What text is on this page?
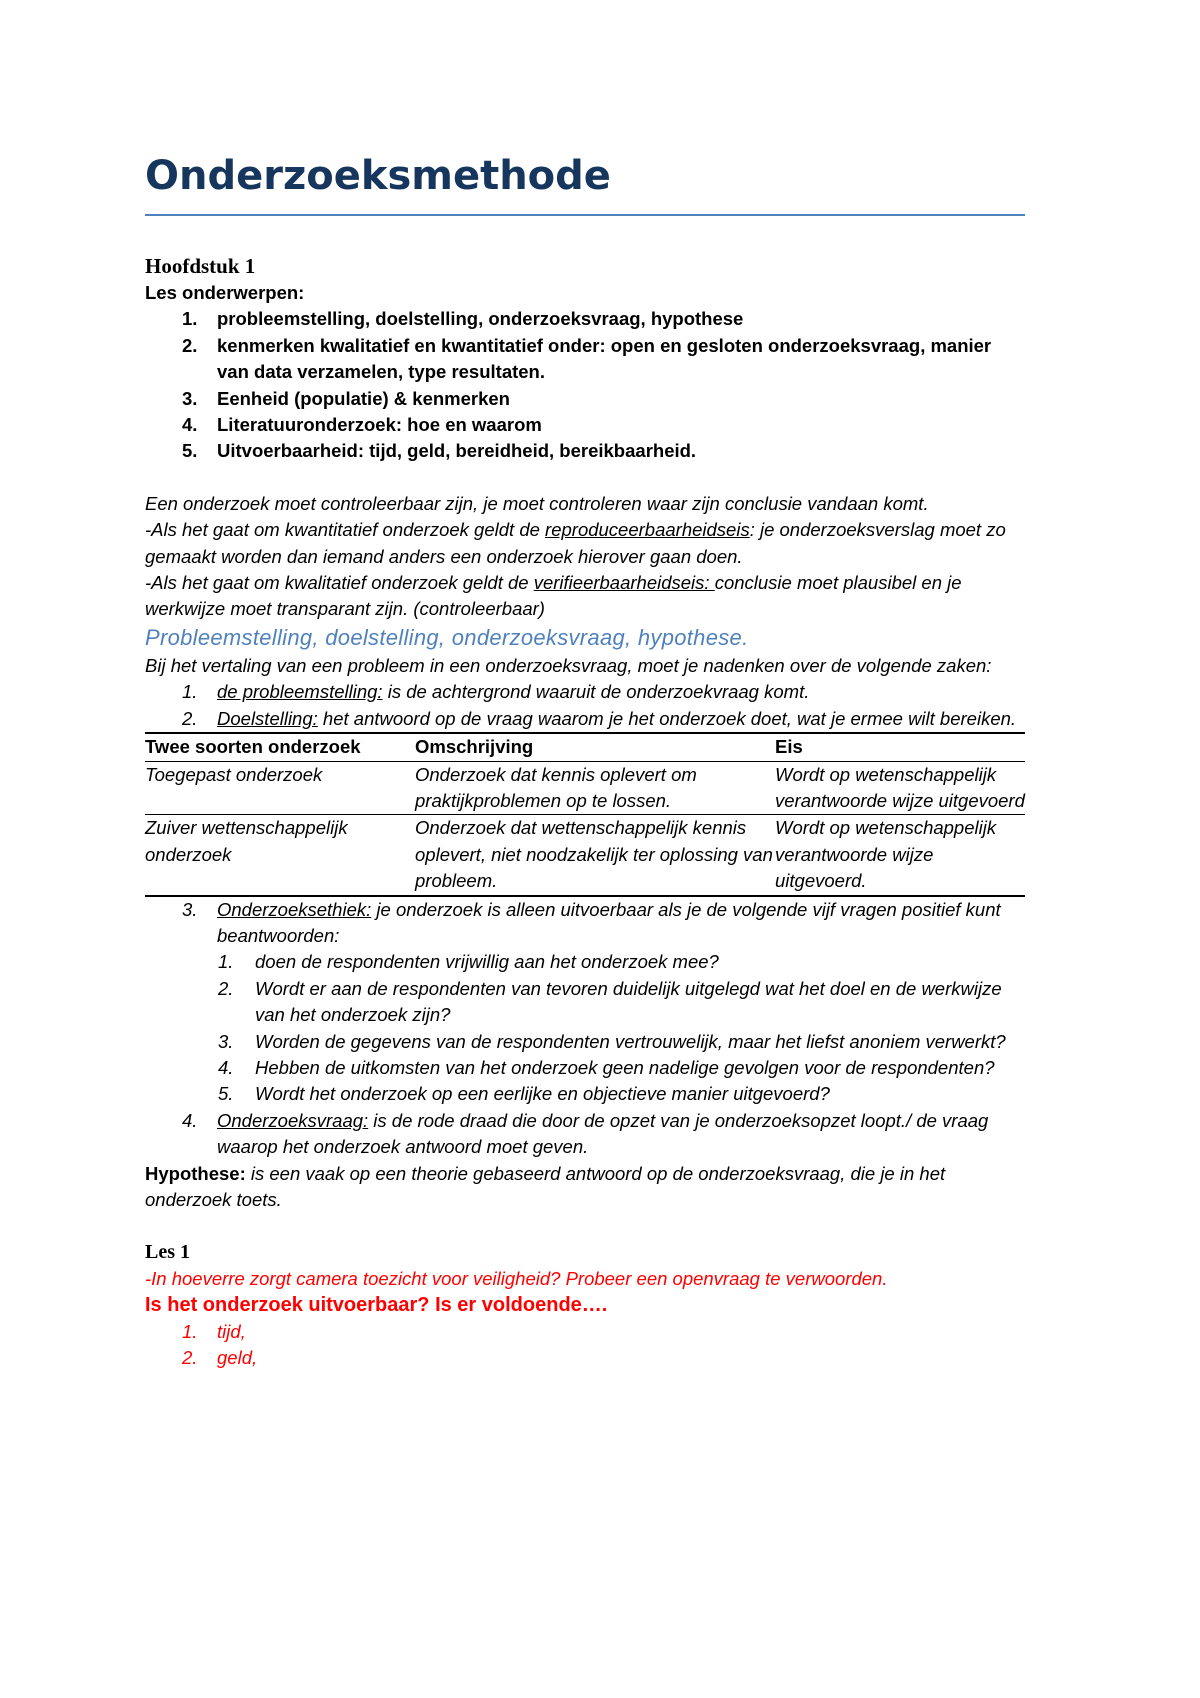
Onderzoeksmethode
Hoofdstuk 1
Les onderwerpen:
1. probleemstelling, doelstelling, onderzoeksvraag, hypothese
2. kenmerken kwalitatief en kwantitatief onder: open en gesloten onderzoeksvraag, manier van data verzamelen, type resultaten.
3. Eenheid (populatie) & kenmerken
4. Literatuuronderzoek: hoe en waarom
5. Uitvoerbaarheid: tijd, geld, bereidheid, bereikbaarheid.
Een onderzoek moet controleerbaar zijn, je moet controleren waar zijn conclusie vandaan komt.
-Als het gaat om kwantitatief onderzoek geldt de reproduceerbaarheidseis: je onderzoeksverslag moet zo gemaakt worden dan iemand anders een onderzoek hierover gaan doen.
-Als het gaat om kwalitatief onderzoek geldt de verifieerbaarheidseis: conclusie moet plausibel en je werkwijze moet transparant zijn. (controleerbaar)
Probleemstelling, doelstelling, onderzoeksvraag, hypothese.
Bij het vertaling van een probleem in een onderzoeksvraag, moet je nadenken over de volgende zaken:
1. de probleemstelling: is de achtergrond waaruit de onderzoekvraag komt.
2. Doelstelling: het antwoord op de vraag waarom je het onderzoek doet, wat je ermee wilt bereiken.
Twee soorten onderzoek	Omschrijving	Eis
Toegepast onderzoek	Onderzoek dat kennis oplevert om praktijkproblemen op te lossen.	Wordt op wetenschappelijk verantwoorde wijze uitgevoerd
Zuiver wettenschappelijk onderzoek	Onderzoek dat wettenschappelijk kennis oplevert, niet noodzakelijk ter oplossing van probleem.	Wordt op wetenschappelijk verantwoorde wijze uitgevoerd.
3. Onderzoeksethiek: je onderzoek is alleen uitvoerbaar als je de volgende vijf vragen positief kunt beantwoorden:
1. doen de respondenten vrijwillig aan het onderzoek mee?
2. Wordt er aan de respondenten van tevoren duidelijk uitgelegd wat het doel en de werkwijze van het onderzoek zijn?
3. Worden de gegevens van de respondenten vertrouwelijk, maar het liefst anoniem verwerkt?
4. Hebben de uitkomsten van het onderzoek geen nadelige gevolgen voor de respondenten?
5. Wordt het onderzoek op een eerlijke en objectieve manier uitgevoerd?
4. Onderzoeksvraag: is de rode draad die door de opzet van je onderzoeksopzet loopt./ de vraag waarop het onderzoek antwoord moet geven.
Hypothese: is een vaak op een theorie gebaseerd antwoord op de onderzoeksvraag, die je in het onderzoek toets.
Les 1
-In hoeverre zorgt camera toezicht voor veiligheid? Probeer een openvraag te verwoorden.
Is het onderzoek uitvoerbaar? Is er voldoende….
1. tijd,
2. geld,
